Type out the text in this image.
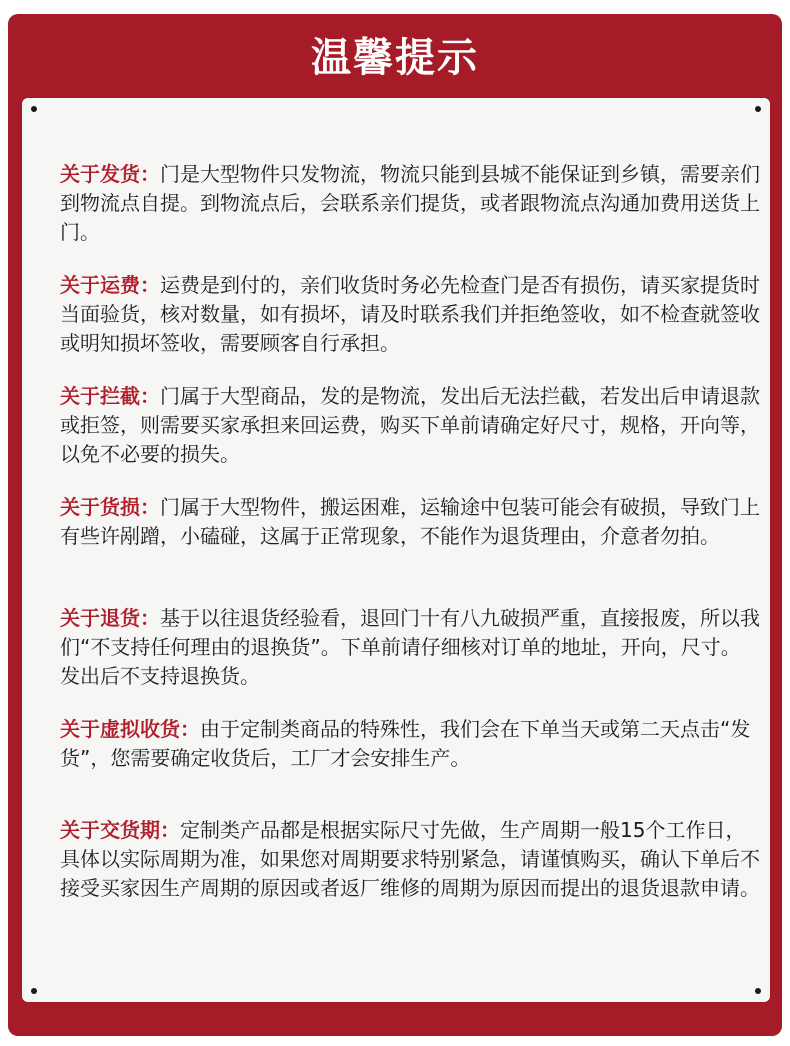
温馨提示
关于发货：门是大型物件只发物流，物流只能到县城不能保证到乡镇，需要亲们到物流点自提。到物流点后，会联系亲们提货，或者跟物流点沟通加费用送货上门。
关于运费：运费是到付的，亲们收货时务必先检查门是否有损伤，请买家提货时当面验货，核对数量，如有损坏，请及时联系我们并拒绝签收，如不检查就签收或明知损坏签收，需要顾客自行承担。
关于拦截：门属于大型商品，发的是物流，发出后无法拦截，若发出后申请退款或拒签，则需要买家承担来回运费，购买下单前请确定好尺寸，规格，开向等，以免不必要的损失。
关于货损：门属于大型物件，搬运困难，运输途中包装可能会有破损，导致门上有些许剐蹭，小磕碰，这属于正常现象，不能作为退货理由，介意者勿拍。
关于退货：基于以往退货经验看，退回门十有八九破损严重，直接报废，所以我们“不支持任何理由的退换货”。下单前请仔细核对订单的地址，开向，尺寸。发出后不支持退换货。
关于虚拟收货：由于定制类商品的特殊性，我们会在下单当天或第二天点击“发货”，您需要确定收货后，工厂才会安排生产。
关于交货期：定制类产品都是根据实际尺寸先做，生产周期一般15个工作日，具体以实际周期为准，如果您对周期要求特别紧急，请谨慎购买，确认下单后不接受买家因生产周期的原因或者返厂维修的周期为原因而提出的退货退款申请。
